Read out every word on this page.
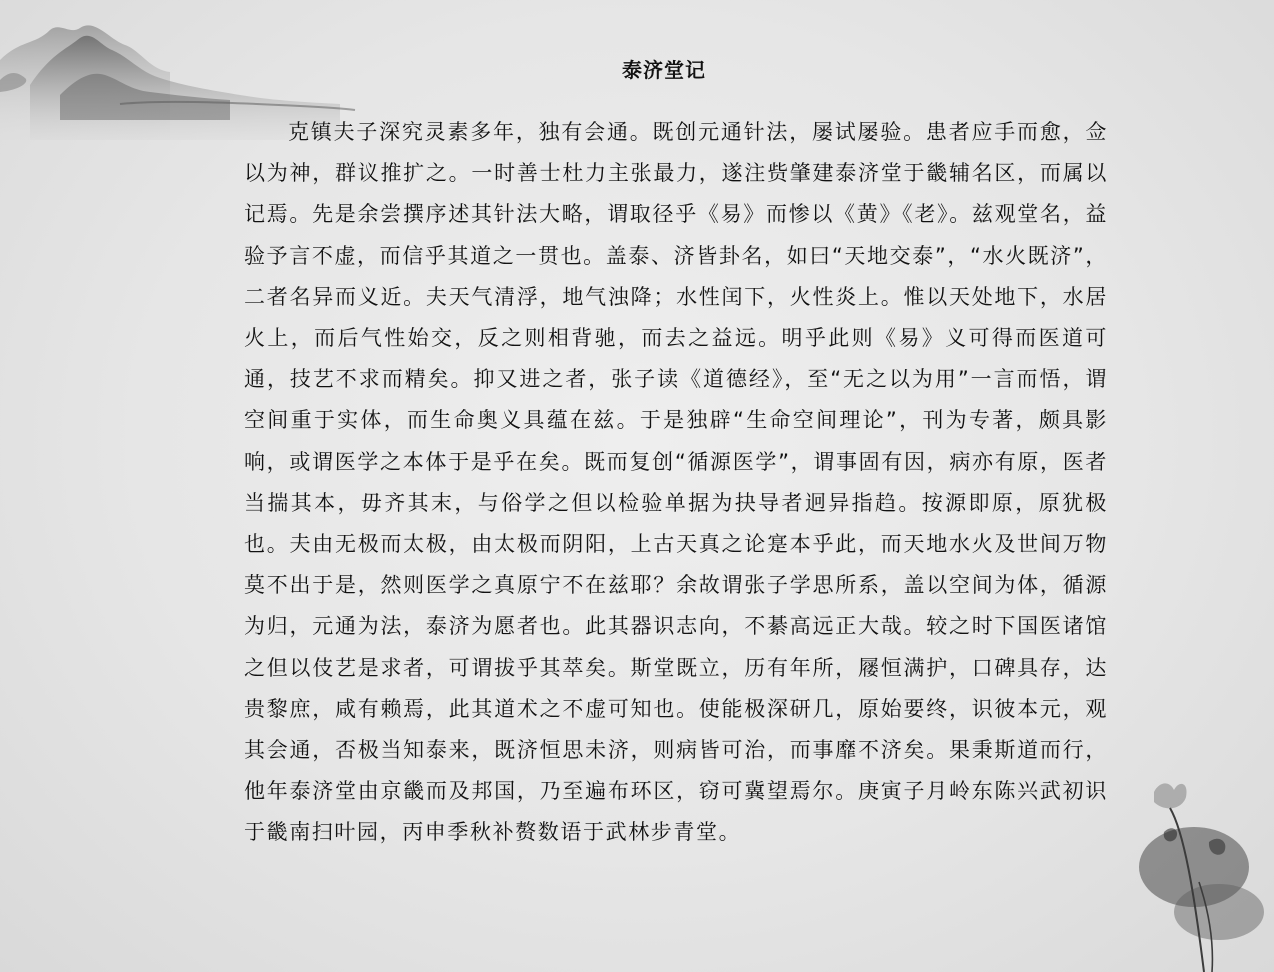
泰济堂记

克镇夫子深究灵素多年，独有会通。既创元通针法，屡试屡验。患者应手而愈，佥以为神，群议推扩之。一时善士杜力主张最力，遂注赀肇建泰济堂于畿辅名区，而属以记焉。先是余尝撰序述其针法大略，谓取径乎《易》而惨以《黄》《老》。兹观堂名，益验予言不虚，而信乎其道之一贯也。盖泰、济皆卦名，如曰“天地交泰”，“水火既济”，二者名异而义近。夫天气清浮，地气浊降；水性闰下，火性炎上。惟以天处地下，水居火上，而后气性始交，反之则相背驰，而去之益远。明乎此则《易》义可得而医道可通，技艺不求而精矣。抑又进之者，张子读《道德经》，至“无之以为用”一言而悟，谓空间重于实体，而生命奥义具蕴在兹。于是独辟“生命空间理论”，刊为专著，颇具影响，或谓医学之本体于是乎在矣。既而复创“循源医学”，谓事固有因，病亦有原，医者当揣其本，毋齐其末，与俗学之但以检验单据为抉导者迥异指趋。按源即原，原犹极也。夫由无极而太极，由太极而阴阳，上古天真之论寔本乎此，而天地水火及世间万物莫不出于是，然则医学之真原宁不在兹耶？余故谓张子学思所系，盖以空间为体，循源为归，元通为法，泰济为愿者也。此其器识志向，不綦高远正大哉。较之时下国医诸馆之但以伎艺是求者，可谓拔乎其萃矣。斯堂既立，历有年所，屦恒满护，口碑具存，达贵黎庶，咸有赖焉，此其道术之不虚可知也。使能极深研几，原始要终，识彼本元，观其会通，否极当知泰来，既济恒思未济，则病皆可治，而事靡不济矣。果秉斯道而行，他年泰济堂由京畿而及邦国，乃至遍布环区，窃可冀望焉尔。庚寅子月岭东陈兴武初识于畿南扫叶园，丙申季秋补赘数语于武林步青堂。
